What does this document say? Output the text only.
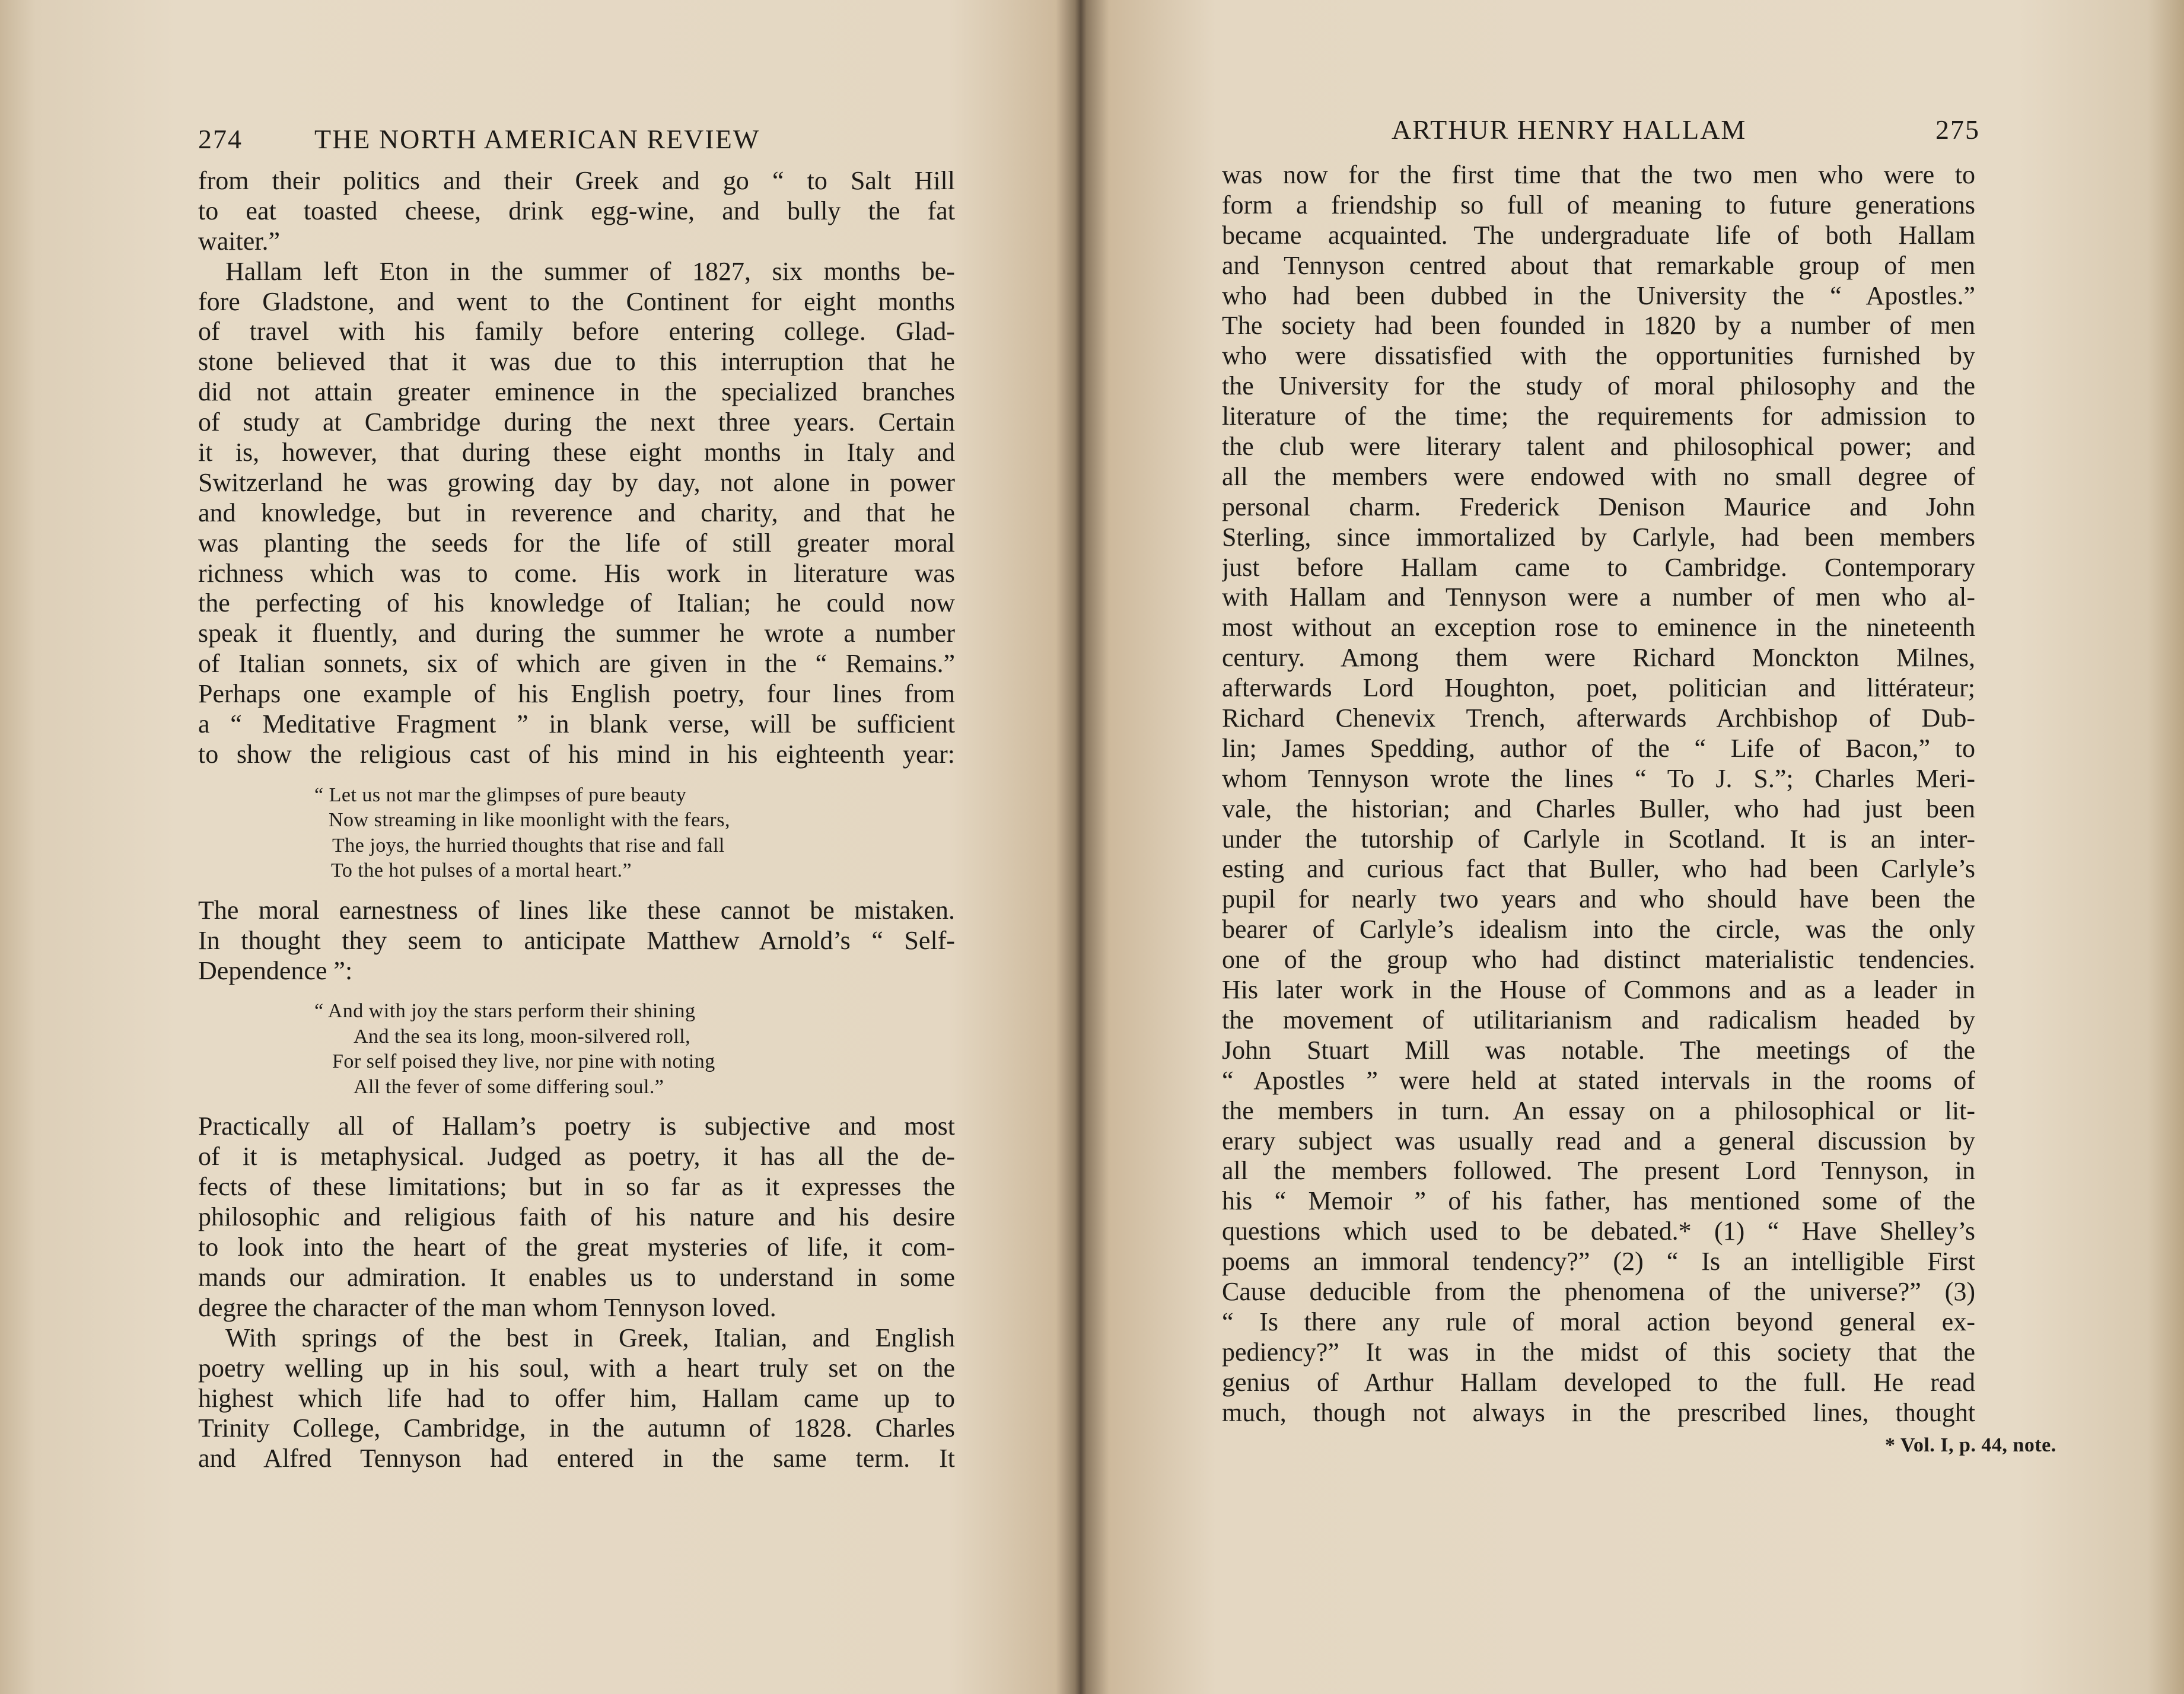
274	THE NORTH AMERICAN REVIEW
from their politics and their Greek and go “ to Salt Hill
to eat toasted cheese, drink egg-wine, and bully the fat
waiter.”
Hallam left Eton in the summer of 1827, six months be-
fore Gladstone, and went to the Continent for eight months
of travel with his family before entering college. Glad-
stone believed that it was due to this interruption that he
did not attain greater eminence in the specialized branches
of study at Cambridge during the next three years. Certain
it is, however, that during these eight months in Italy and
Switzerland he was growing day by day, not alone in power
and knowledge, but in reverence and charity, and that he
was planting the seeds for the life of still greater moral
richness which was to come. His work in literature was
the perfecting of his knowledge of Italian; he could now
speak it fluently, and during the summer he wrote a number
of Italian sonnets, six of which are given in the “ Remains.”
Perhaps one example of his English poetry, four lines from
a “ Meditative Fragment ” in blank verse, will be sufficient
to show the religious cast of his mind in his eighteenth year:
“ Let us not mar the glimpses of pure beauty
Now streaming in like moonlight with the fears,
The joys, the hurried thoughts that rise and fall
To the hot pulses of a mortal heart.”
The moral earnestness of lines like these cannot be mistaken.
In thought they seem to anticipate Matthew Arnold’s “ Self-
Dependence ”:
“ And with joy the stars perform their shining
And the sea its long, moon-silvered roll,
For self poised they live, nor pine with noting
All the fever of some differing soul.”
Practically all of Hallam’s poetry is subjective and most
of it is metaphysical. Judged as poetry, it has all the de-
fects of these limitations; but in so far as it expresses the
philosophic and religious faith of his nature and his desire
to look into the heart of the great mysteries of life, it com-
mands our admiration. It enables us to understand in some
degree the character of the man whom Tennyson loved.
With springs of the best in Greek, Italian, and English
poetry welling up in his soul, with a heart truly set on the
highest which life had to offer him, Hallam came up to
Trinity College, Cambridge, in the autumn of 1828. Charles
and Alfred Tennyson had entered in the same term. It
ARTHUR HENRY HALLAM	275
was now for the first time that the two men who were to
form a friendship so full of meaning to future generations
became acquainted. The undergraduate life of both Hallam
and Tennyson centred about that remarkable group of men
who had been dubbed in the University the “ Apostles.”
The society had been founded in 1820 by a number of men
who were dissatisfied with the opportunities furnished by
the University for the study of moral philosophy and the
literature of the time; the requirements for admission to
the club were literary talent and philosophical power; and
all the members were endowed with no small degree of
personal charm. Frederick Denison Maurice and John
Sterling, since immortalized by Carlyle, had been members
just before Hallam came to Cambridge. Contemporary
with Hallam and Tennyson were a number of men who al-
most without an exception rose to eminence in the nineteenth
century. Among them were Richard Monckton Milnes,
afterwards Lord Houghton, poet, politician and littérateur;
Richard Chenevix Trench, afterwards Archbishop of Dub-
lin; James Spedding, author of the “ Life of Bacon,” to
whom Tennyson wrote the lines “ To J. S.”; Charles Meri-
vale, the historian; and Charles Buller, who had just been
under the tutorship of Carlyle in Scotland. It is an inter-
esting and curious fact that Buller, who had been Carlyle’s
pupil for nearly two years and who should have been the
bearer of Carlyle’s idealism into the circle, was the only
one of the group who had distinct materialistic tendencies.
His later work in the House of Commons and as a leader in
the movement of utilitarianism and radicalism headed by
John Stuart Mill was notable. The meetings of the
“ Apostles ” were held at stated intervals in the rooms of
the members in turn. An essay on a philosophical or lit-
erary subject was usually read and a general discussion by
all the members followed. The present Lord Tennyson, in
his “ Memoir ” of his father, has mentioned some of the
questions which used to be debated.* (1) “ Have Shelley’s
poems an immoral tendency?” (2) “ Is an intelligible First
Cause deducible from the phenomena of the universe?” (3)
“ Is there any rule of moral action beyond general ex-
pediency?” It was in the midst of this society that the
genius of Arthur Hallam developed to the full. He read
much, though not always in the prescribed lines, thought
* Vol. I, p. 44, note.
